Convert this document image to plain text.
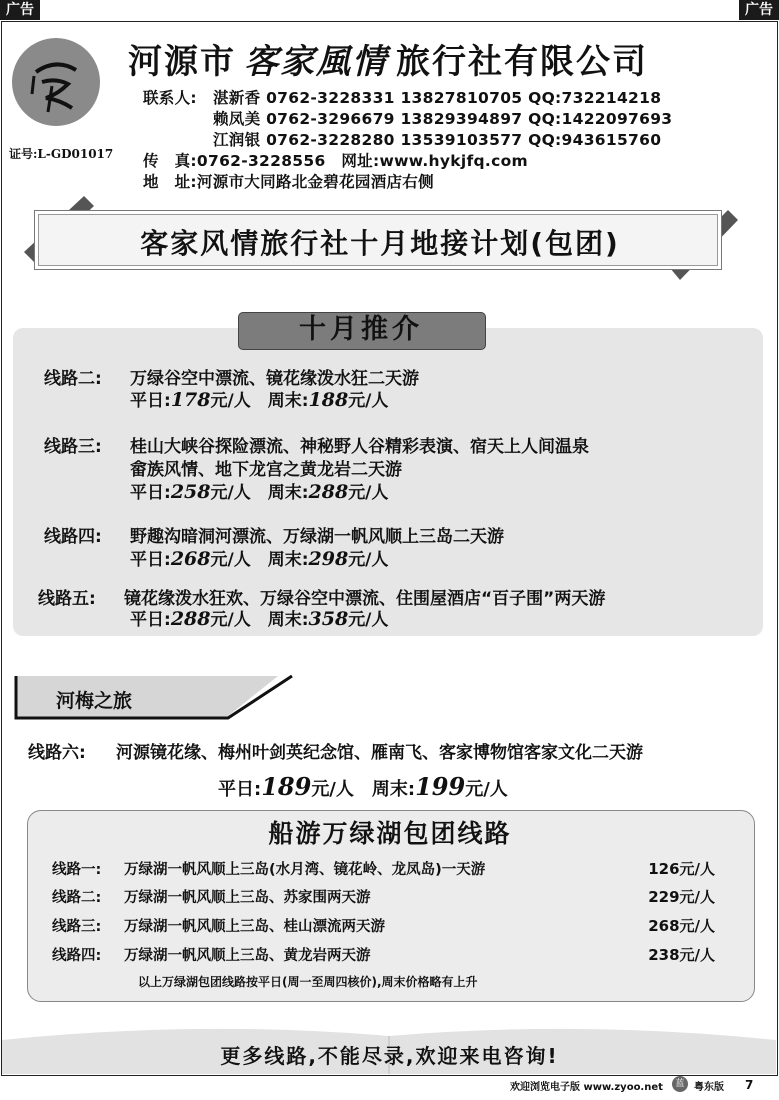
广告	广告
河源市 客家風情 旅行社有限公司
证号:L-GD01017
联系人: 湛新香 0762-3228331 13827810705 QQ:732214218
赖凤美 0762-3296679 13829394897 QQ:1422097693
江润银 0762-3228280 13539103577 QQ:943615760
传　真:0762-3228556　网址:www.hykjfq.com
地　址:河源市大同路北金碧花园酒店右侧
客家风情旅行社十月地接计划(包团)
十月推介
线路二: 万绿谷空中漂流、镜花缘泼水狂二天游
平日:178元/人　 周末:188元/人
线路三: 桂山大峡谷探险漂流、神秘野人谷精彩表演、宿天上人间温泉
畲族风情、地下龙宫之黄龙岩二天游
平日:258元/人　 周末:288元/人
线路四: 野趣沟暗洞河漂流、万绿湖一帆风顺上三岛二天游
平日:268元/人　 周末:298元/人
线路五: 镜花缘泼水狂欢、万绿谷空中漂流、住围屋酒店“百子围”两天游
平日:288元/人　 周末:358元/人
河梅之旅
线路六: 河源镜花缘、梅州叶剑英纪念馆、雁南飞、客家博物馆客家文化二天游
平日:189元/人　 周末:199元/人
船游万绿湖包团线路
线路一: 万绿湖一帆风顺上三岛(水月湾、镜花岭、龙凤岛)一天游	126元/人
线路二: 万绿湖一帆风顺上三岛、苏家围两天游	229元/人
线路三: 万绿湖一帆风顺上三岛、桂山漂流两天游	268元/人
线路四: 万绿湖一帆风顺上三岛、黄龙岩两天游	238元/人
以上万绿湖包团线路按平日(周一至周四核价),周末价格略有上升
更多线路,不能尽录,欢迎来电咨询!
欢迎浏览电子版 www.zyoo.net	蓝 粤东版 7
